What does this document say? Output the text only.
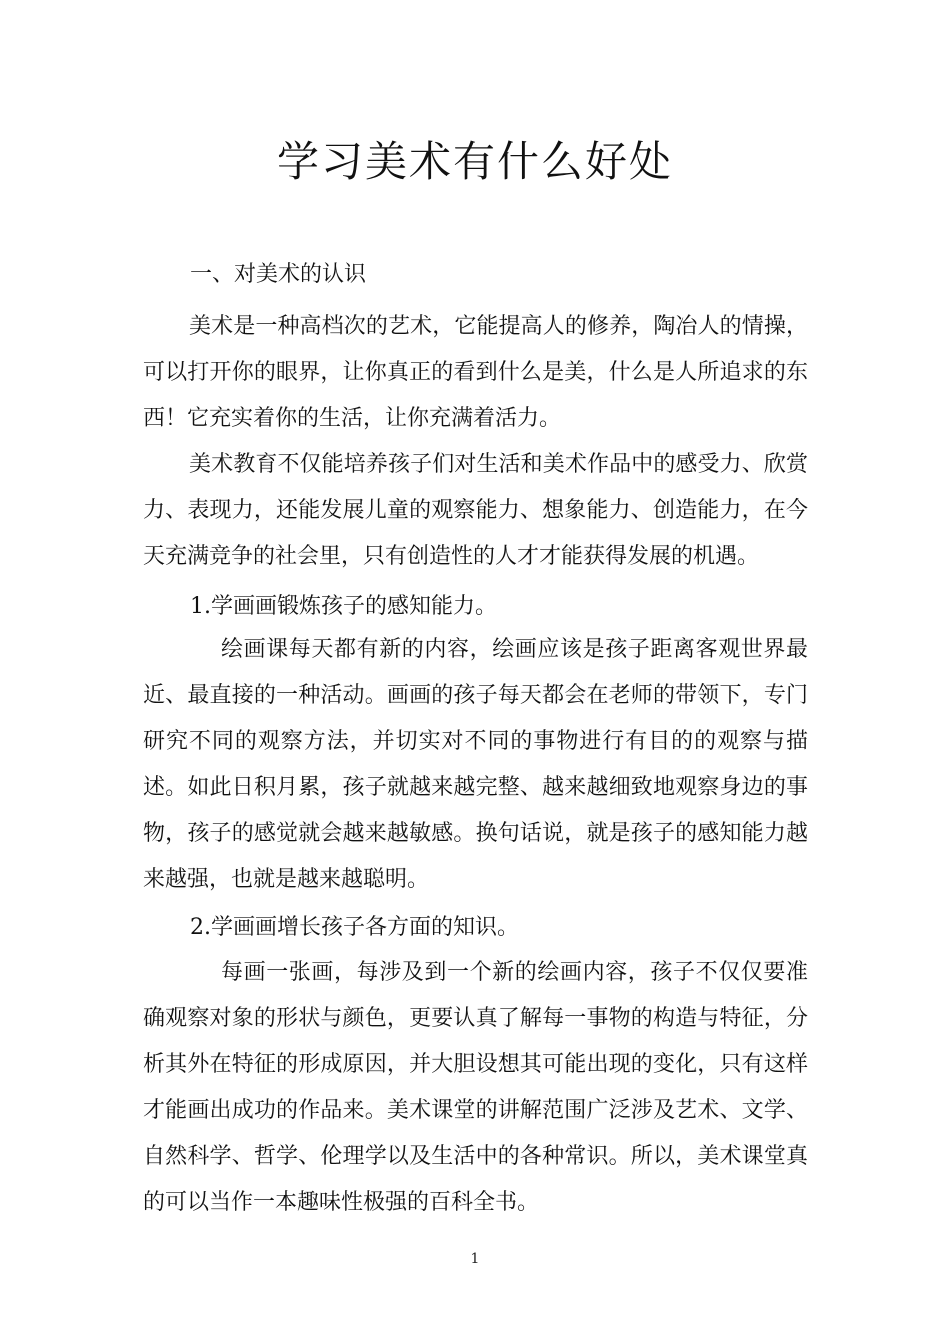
学习美术有什么好处
一、对美术的认识

美术是一种高档次的艺术，它能提高人的修养，陶冶人的情操，可以打开你的眼界，让你真正的看到什么是美，什么是人所追求的东西！它充实着你的生活，让你充满着活力。

美术教育不仅能培养孩子们对生活和美术作品中的感受力、欣赏力、表现力，还能发展儿童的观察能力、想象能力、创造能力，在今天充满竞争的社会里，只有创造性的人才才能获得发展的机遇。

1.学画画锻炼孩子的感知能力。

绘画课每天都有新的内容，绘画应该是孩子距离客观世界最近、最直接的一种活动。画画的孩子每天都会在老师的带领下，专门研究不同的观察方法，并切实对不同的事物进行有目的的观察与描述。如此日积月累，孩子就越来越完整、越来越细致地观察身边的事物，孩子的感觉就会越来越敏感。换句话说，就是孩子的感知能力越来越强，也就是越来越聪明。

2.学画画增长孩子各方面的知识。

每画一张画，每涉及到一个新的绘画内容，孩子不仅仅要准确观察对象的形状与颜色，更要认真了解每一事物的构造与特征，分析其外在特征的形成原因，并大胆设想其可能出现的变化，只有这样才能画出成功的作品来。美术课堂的讲解范围广泛涉及艺术、文学、自然科学、哲学、伦理学以及生活中的各种常识。所以，美术课堂真的可以当作一本趣味性极强的百科全书。

1
